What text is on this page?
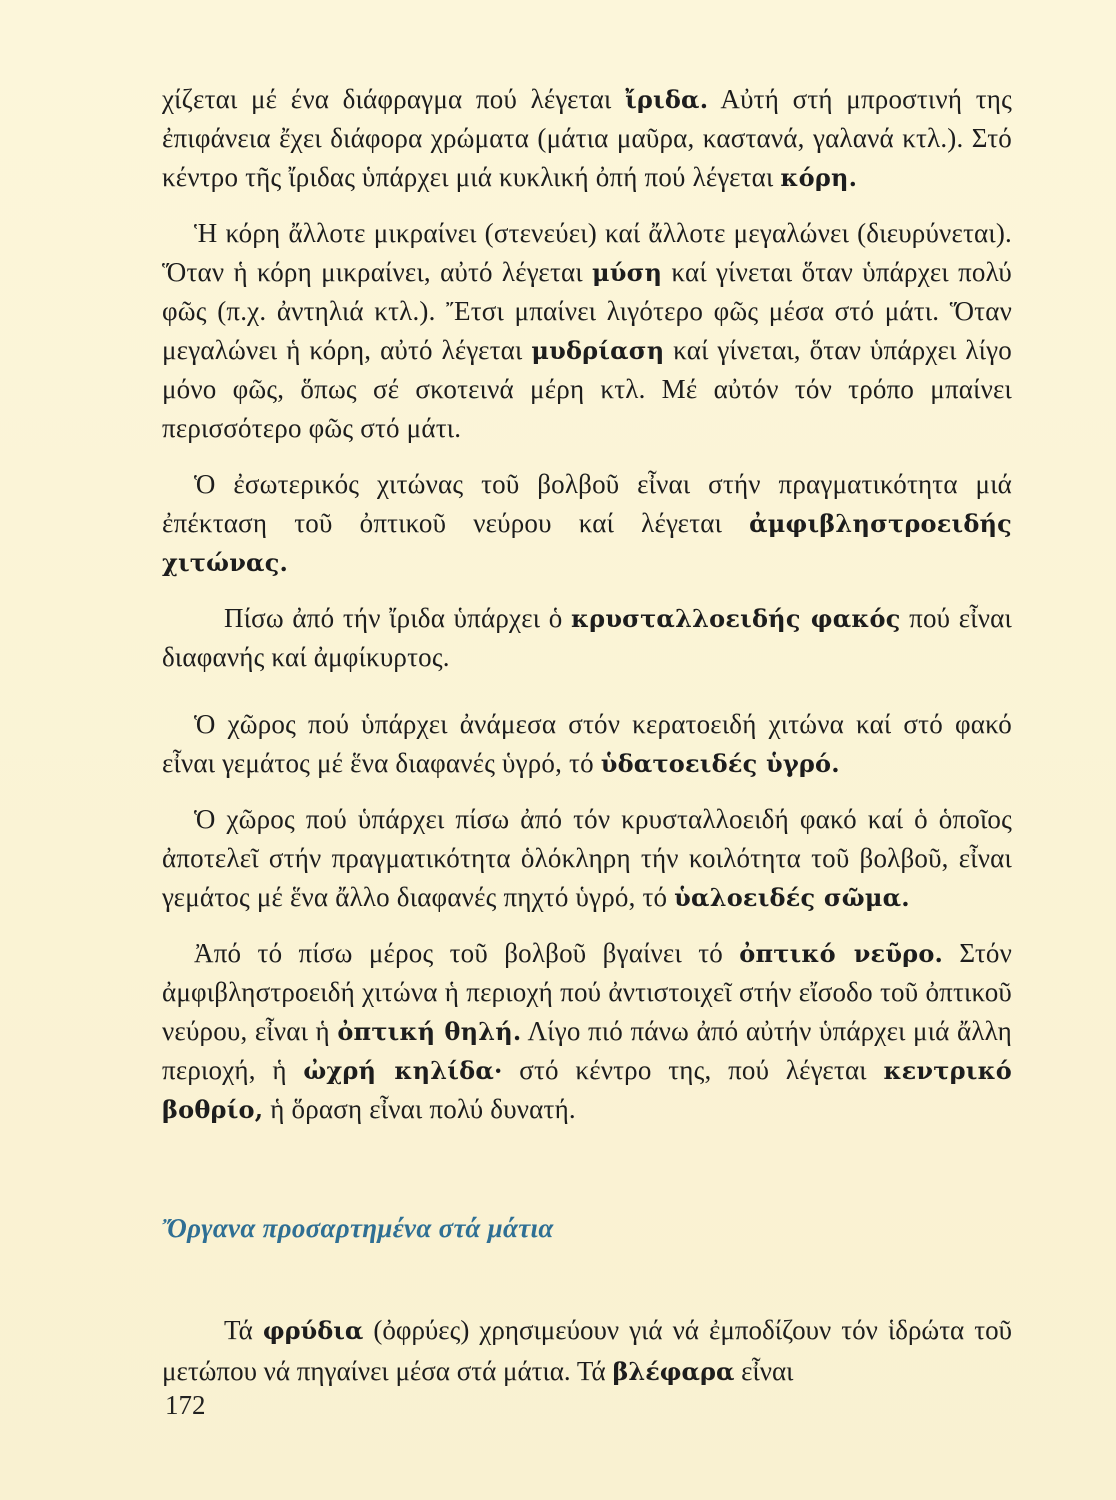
χίζεται μέ ένα διάφραγμα πού λέγεται ἴριδα. Αὐτή στή μπροστινή της ἐπιφάνεια ἔχει διάφορα χρώματα (μάτια μαῦρα, καστανά, γαλανά κτλ.). Στό κέντρο τῆς ἴριδας ὑπάρχει μιά κυκλική ὀπή πού λέγεται κόρη.

Ἡ κόρη ἄλλοτε μικραίνει (στενεύει) καί ἄλλοτε μεγαλώνει (διευρύνεται). Ὅταν ἡ κόρη μικραίνει, αὐτό λέγεται μύση καί γίνεται ὅταν ὑπάρχει πολύ φῶς (π.χ. ἀντηλιά κτλ.). Ἔτσι μπαίνει λιγότερο φῶς μέσα στό μάτι. Ὅταν μεγαλώνει ἡ κόρη, αὐτό λέγεται μυδρίαση καί γίνεται, ὅταν ὑπάρχει λίγο μόνο φῶς, ὅπως σέ σκοτεινά μέρη κτλ. Μέ αὐτόν τόν τρόπο μπαίνει περισσότερο φῶς στό μάτι.

Ὁ ἐσωτερικός χιτώνας τοῦ βολβοῦ εἶναι στήν πραγματικότητα μιά ἐπέκταση τοῦ ὀπτικοῦ νεύρου καί λέγεται ἀμφιβληστροειδής χιτώνας.

Πίσω ἀπό τήν ἴριδα ὑπάρχει ὁ κρυσταλλοειδής φακός πού εἶναι διαφανής καί ἀμφίκυρτος.

Ὁ χῶρος πού ὑπάρχει ἀνάμεσα στόν κερατοειδή χιτώνα καί στό φακό εἶναι γεμάτος μέ ἕνα διαφανές ὑγρό, τό ὑδατοειδές ὑγρό.

Ὁ χῶρος πού ὑπάρχει πίσω ἀπό τόν κρυσταλλοειδή φακό καί ὁ ὁποῖος ἀποτελεῖ στήν πραγματικότητα ὁλόκληρη τήν κοιλότητα τοῦ βολβοῦ, εἶναι γεμάτος μέ ἕνα ἄλλο διαφανές πηχτό ὑγρό, τό ὑαλοειδές σῶμα.

Ἀπό τό πίσω μέρος τοῦ βολβοῦ βγαίνει τό ὀπτικό νεῦρο. Στόν ἀμφιβληστροειδή χιτώνα ἡ περιοχή πού ἀντιστοιχεῖ στήν εἴσοδο τοῦ ὀπτικοῦ νεύρου, εἶναι ἡ ὀπτική θηλή. Λίγο πιό πάνω ἀπό αὐτήν ὑπάρχει μιά ἄλλη περιοχή, ἡ ὠχρή κηλίδα· στό κέντρο της, πού λέγεται κεντρικό βοθρίο, ἡ ὅραση εἶναι πολύ δυνατή.

Ὄργανα προσαρτημένα στά μάτια

Τά φρύδια (ὀφρύες) χρησιμεύουν γιά νά ἐμποδίζουν τόν ἱδρώτα τοῦ μετώπου νά πηγαίνει μέσα στά μάτια. Τά βλέφαρα εἶναι

172
